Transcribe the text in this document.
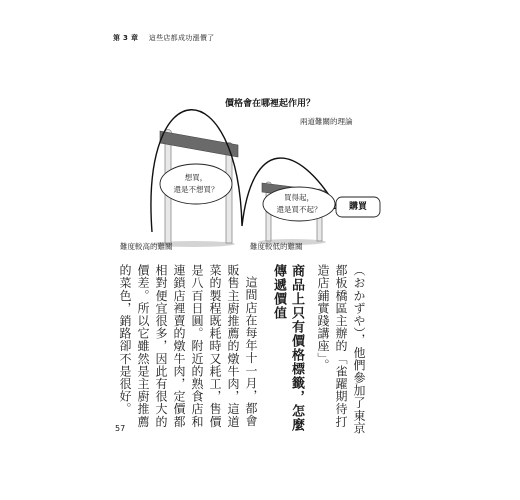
第 3 章 這些店都成功漲價了
價格會在哪裡起作用？
兩道難關的理論
想買，
還是不想買？
買得起，
還是買不起？	購買
難度較高的難關	難度較低的難關

（おかずや），他們參加了東京都板橋區主辦的「雀躍期待打造店鋪實踐講座」。

商品上只有價格標籤，怎麼傳遞價值

這間店在每年十一月，都會販售主廚推薦的燉牛肉，這道菜的製程既耗時又耗工，售價是八百日圓。附近的熟食店和連鎖店裡賣的燉牛肉，定價都相對便宜很多，因此有很大的價差。所以它雖然是主廚推薦的菜色，銷路卻不是很好。

57
